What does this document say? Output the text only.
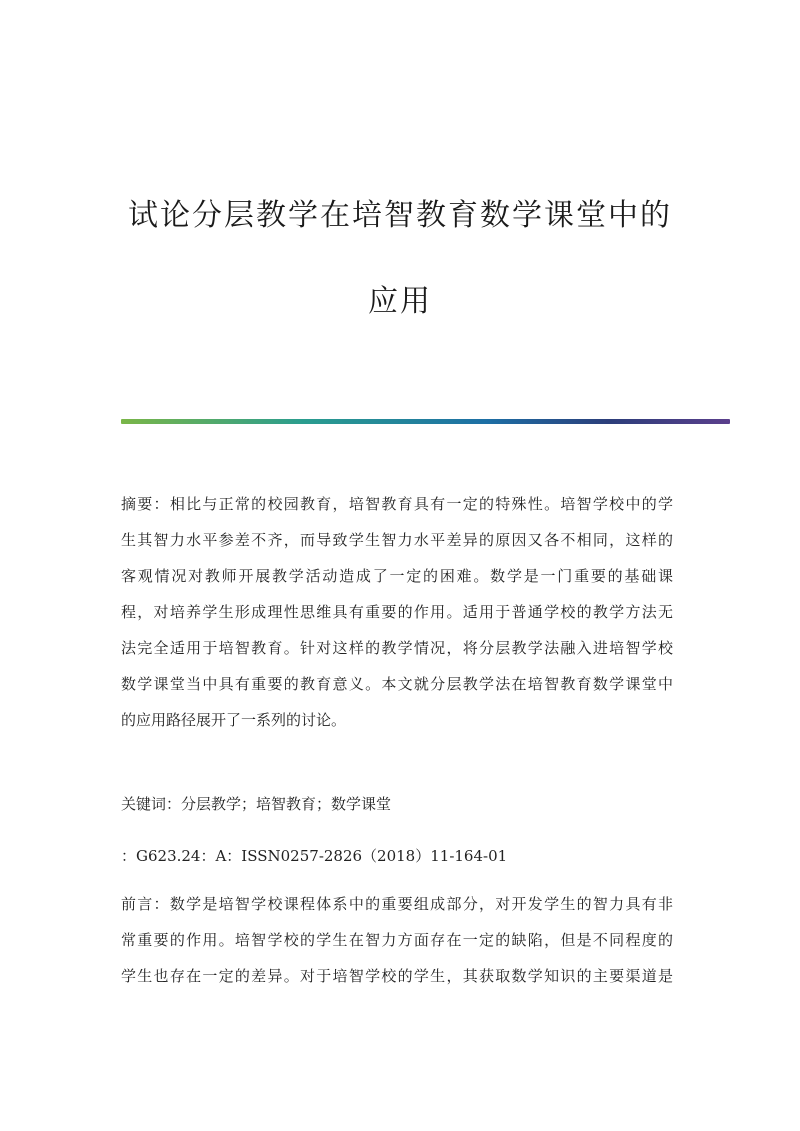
试论分层教学在培智教育数学课堂中的
应用
摘要：相比与正常的校园教育，培智教育具有一定的特殊性。培智学校中的学
生其智力水平参差不齐，而导致学生智力水平差异的原因又各不相同，这样的
客观情况对教师开展教学活动造成了一定的困难。数学是一门重要的基础课
程，对培养学生形成理性思维具有重要的作用。适用于普通学校的教学方法无
法完全适用于培智教育。针对这样的教学情况，将分层教学法融入进培智学校
数学课堂当中具有重要的教育意义。本文就分层教学法在培智教育数学课堂中
的应用路径展开了一系列的讨论。
关键词：分层教学；培智教育；数学课堂
：G623.24：A：ISSN0257-2826（2018）11-164-01
前言：数学是培智学校课程体系中的重要组成部分，对开发学生的智力具有非
常重要的作用。培智学校的学生在智力方面存在一定的缺陷，但是不同程度的
学生也存在一定的差异。对于培智学校的学生，其获取数学知识的主要渠道是
